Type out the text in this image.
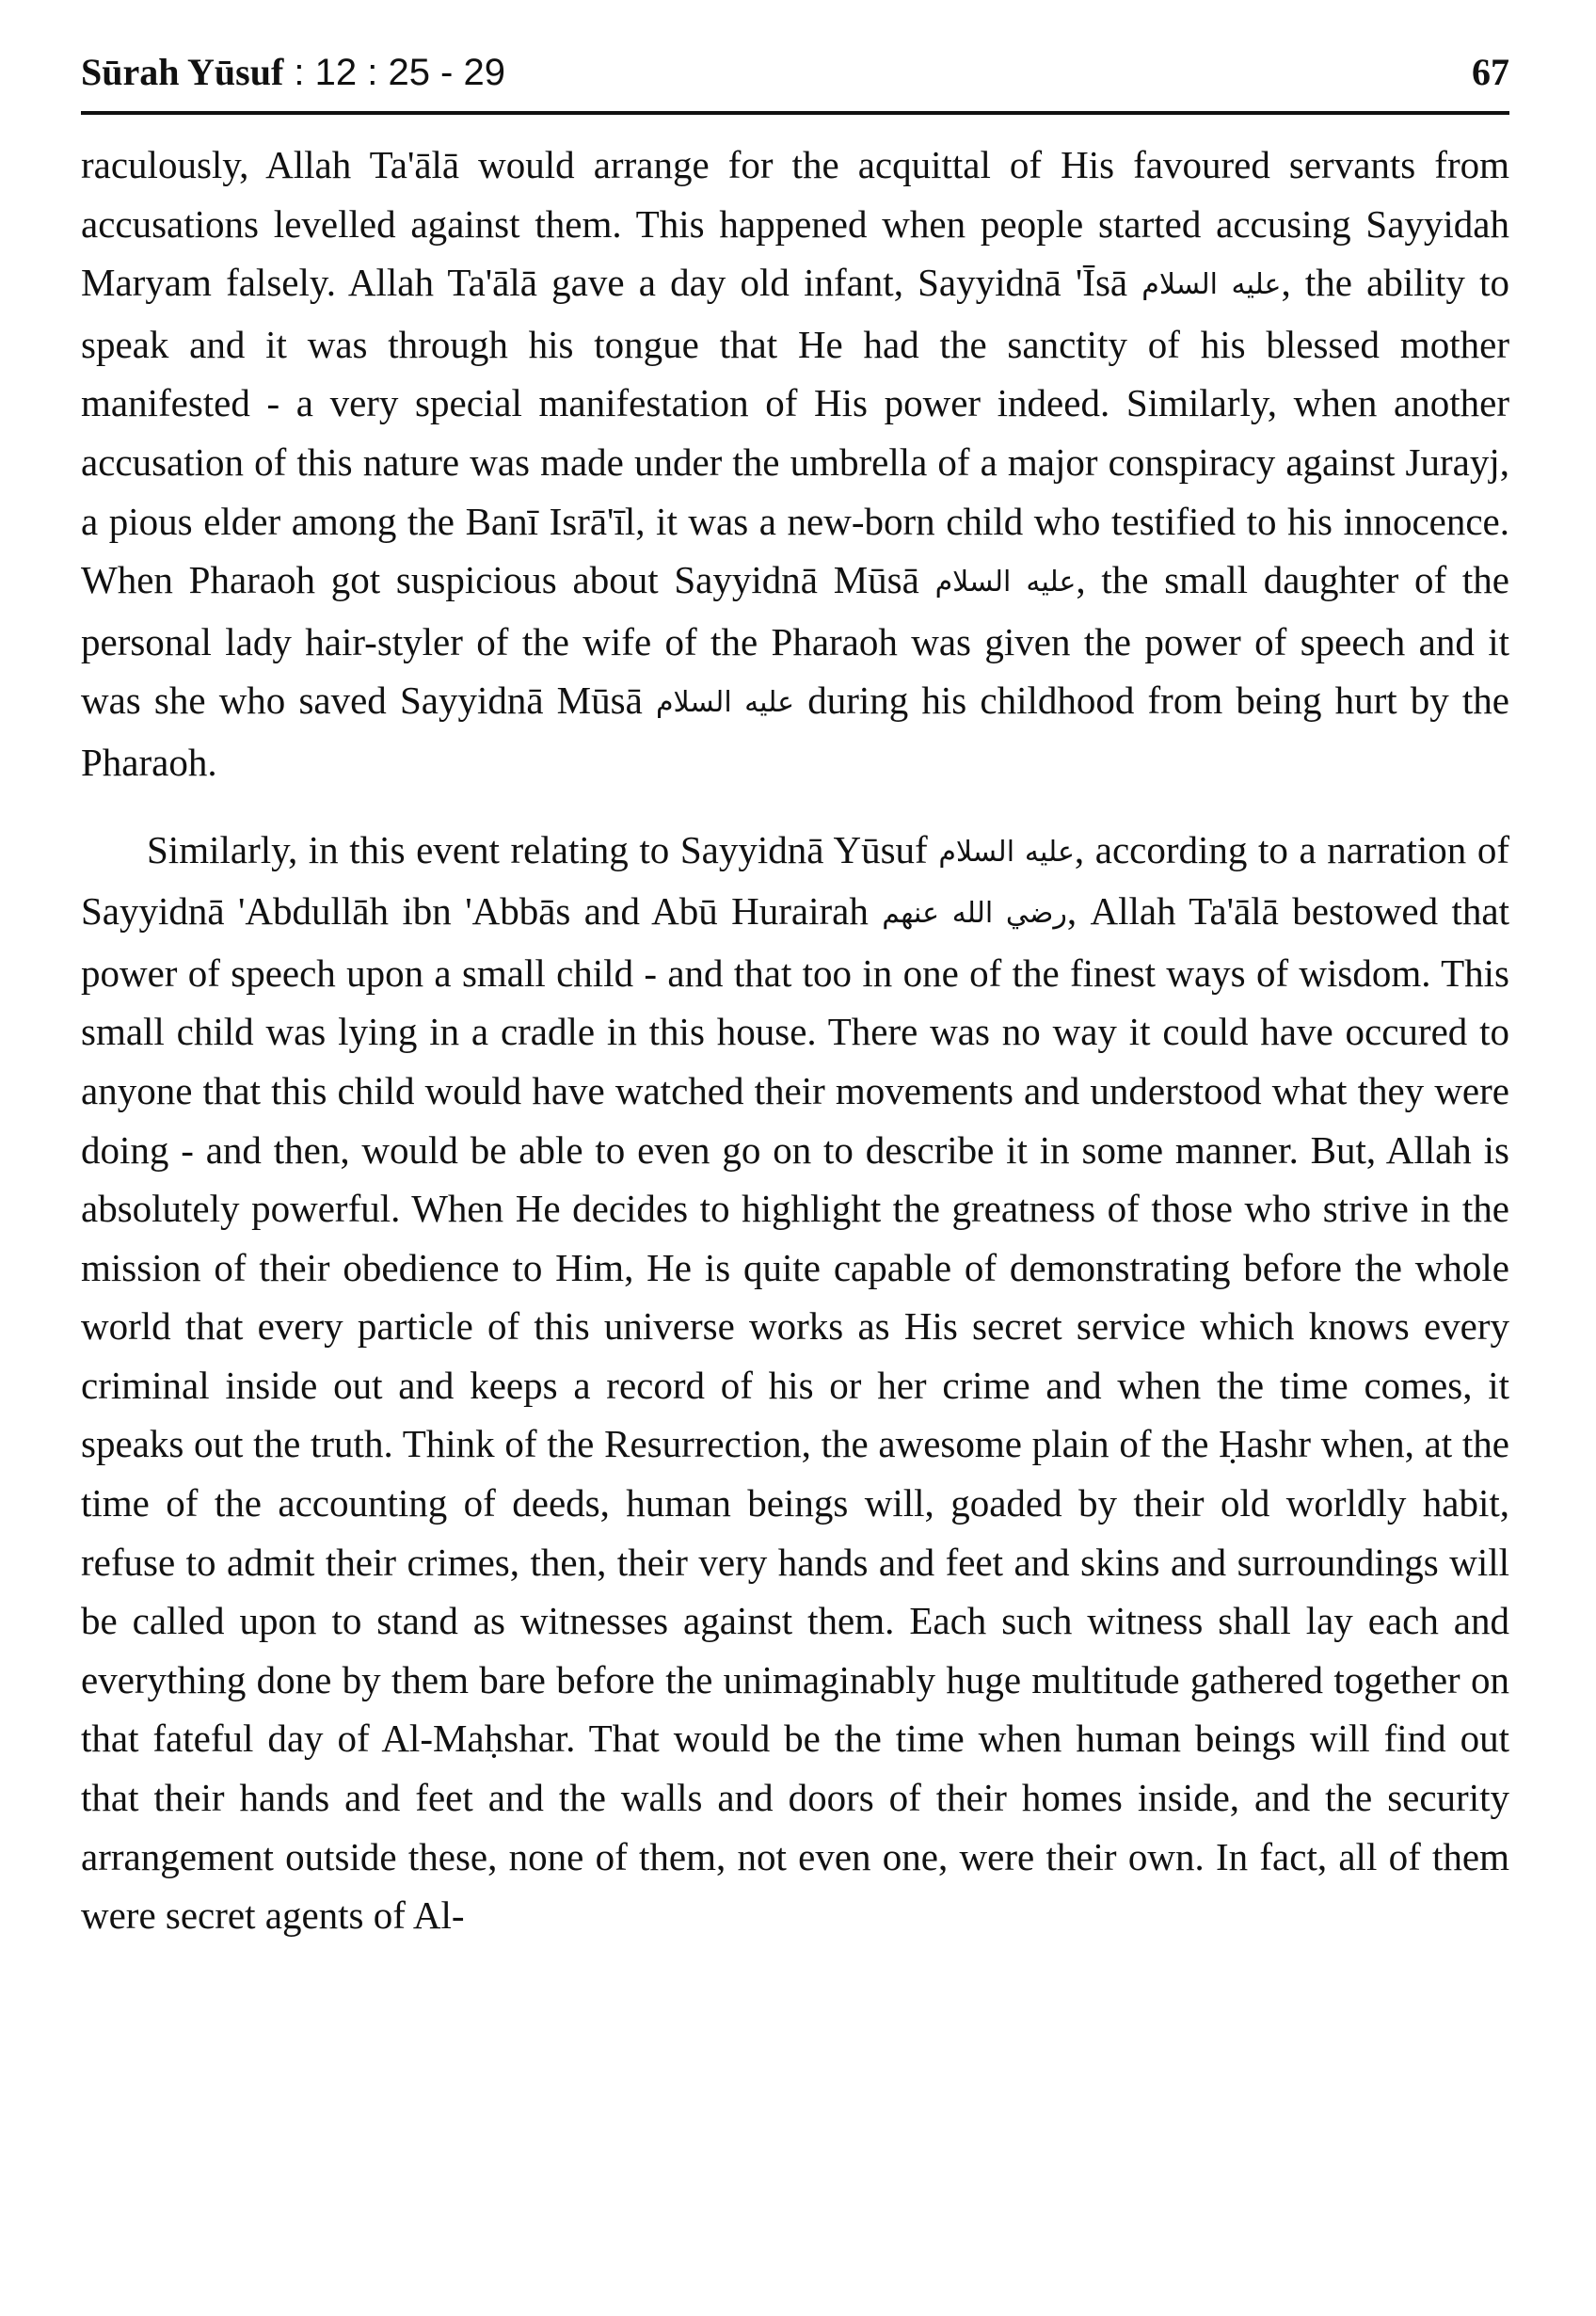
Sūrah Yūsuf : 12 : 25 - 29	67

raculously, Allah Ta'ālā would arrange for the acquittal of His favoured servants from accusations levelled against them. This happened when people started accusing Sayyidah Maryam falsely. Allah Ta'ālā gave a day old infant, Sayyidnā 'Īsā عليه السلام, the ability to speak and it was through his tongue that He had the sanctity of his blessed mother manifested - a very special manifestation of His power indeed. Similarly, when another accusation of this nature was made under the umbrella of a major conspiracy against Jurayj, a pious elder among the Banī Isrā'īl, it was a new-born child who testified to his innocence. When Pharaoh got suspicious about Sayyidnā Mūsā عليه السلام, the small daughter of the personal lady hair-styler of the wife of the Pharaoh was given the power of speech and it was she who saved Sayyidnā Mūsā عليه السلام during his childhood from being hurt by the Pharaoh.

Similarly, in this event relating to Sayyidnā Yūsuf عليه السلام, according to a narration of Sayyidnā 'Abdullāh ibn 'Abbās and Abū Hurairah رضي الله عنهم, Allah Ta'ālā bestowed that power of speech upon a small child - and that too in one of the finest ways of wisdom. This small child was lying in a cradle in this house. There was no way it could have occured to anyone that this child would have watched their movements and understood what they were doing - and then, would be able to even go on to describe it in some manner. But, Allah is absolutely powerful. When He decides to highlight the greatness of those who strive in the mission of their obedience to Him, He is quite capable of demonstrating before the whole world that every particle of this universe works as His secret service which knows every criminal inside out and keeps a record of his or her crime and when the time comes, it speaks out the truth. Think of the Resurrection, the awesome plain of the Ḥashr when, at the time of the accounting of deeds, human beings will, goaded by their old worldly habit, refuse to admit their crimes, then, their very hands and feet and skins and surroundings will be called upon to stand as witnesses against them. Each such witness shall lay each and everything done by them bare before the unimaginably huge multitude gathered together on that fateful day of Al-Maḥshar. That would be the time when human beings will find out that their hands and feet and the walls and doors of their homes inside, and the security arrangement outside these, none of them, not even one, were their own. In fact, all of them were secret agents of Al-
